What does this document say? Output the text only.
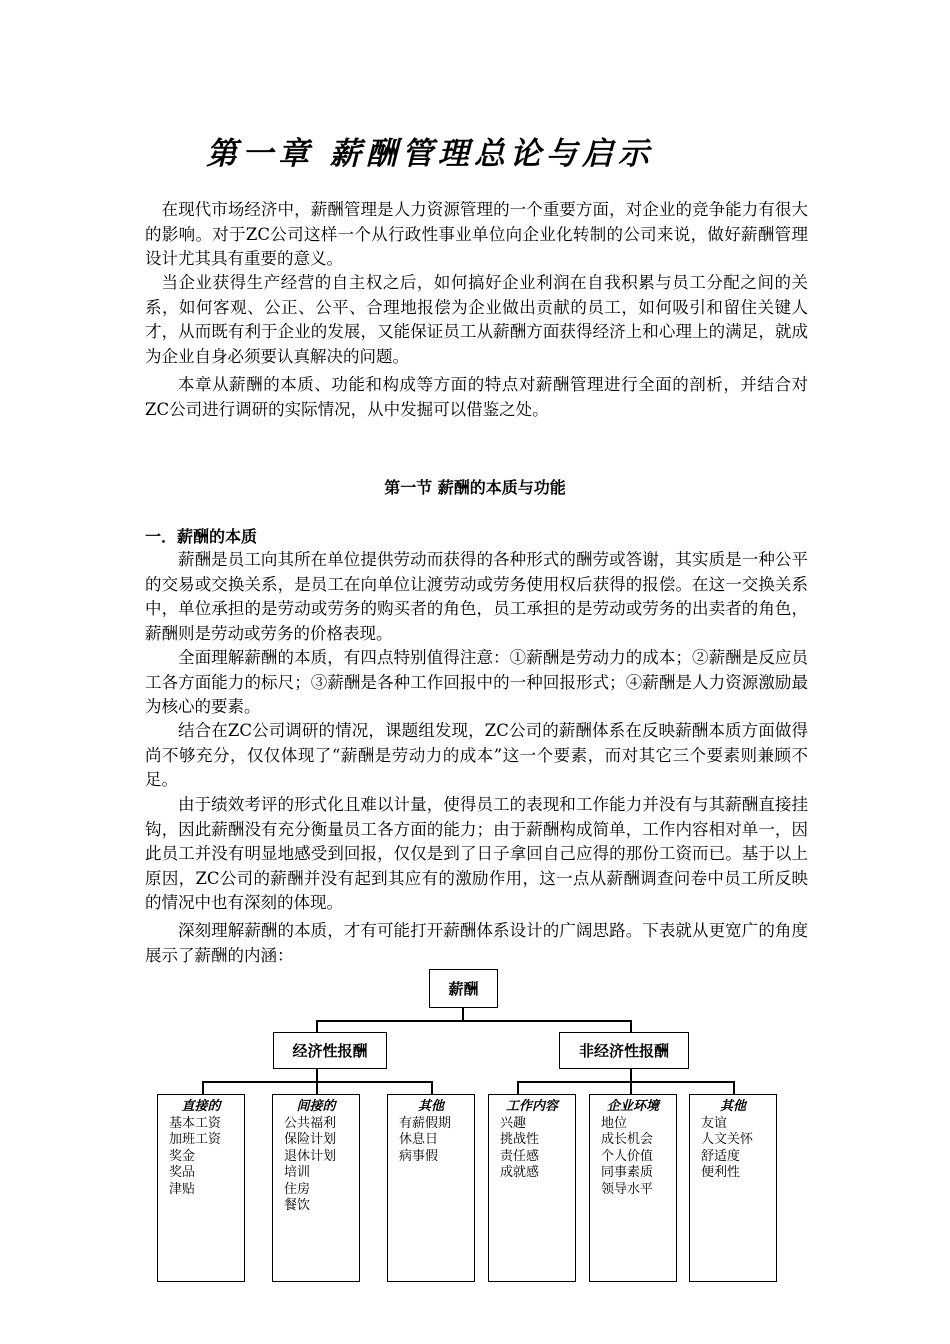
第一章 薪酬管理总论与启示

在现代市场经济中，薪酬管理是人力资源管理的一个重要方面，对企业的竞争能力有很大的影响。对于ZC公司这样一个从行政性事业单位向企业化转制的公司来说，做好薪酬管理设计尤其具有重要的意义。

当企业获得生产经营的自主权之后，如何搞好企业利润在自我积累与员工分配之间的关系，如何客观、公正、公平、合理地报偿为企业做出贡献的员工，如何吸引和留住关键人才，从而既有利于企业的发展，又能保证员工从薪酬方面获得经济上和心理上的满足，就成为企业自身必须要认真解决的问题。

本章从薪酬的本质、功能和构成等方面的特点对薪酬管理进行全面的剖析，并结合对ZC公司进行调研的实际情况，从中发掘可以借鉴之处。

第一节 薪酬的本质与功能
一．薪酬的本质

薪酬是员工向其所在单位提供劳动而获得的各种形式的酬劳或答谢，其实质是一种公平的交易或交换关系，是员工在向单位让渡劳动或劳务使用权后获得的报偿。在这一交换关系中，单位承担的是劳动或劳务的购买者的角色，员工承担的是劳动或劳务的出卖者的角色，薪酬则是劳动或劳务的价格表现。

全面理解薪酬的本质，有四点特别值得注意：①薪酬是劳动力的成本；②薪酬是反应员工各方面能力的标尺；③薪酬是各种工作回报中的一种回报形式；④薪酬是人力资源激励最为核心的要素。

结合在ZC公司调研的情况，课题组发现，ZC公司的薪酬体系在反映薪酬本质方面做得尚不够充分，仅仅体现了“薪酬是劳动力的成本”这一个要素，而对其它三个要素则兼顾不足。

由于绩效考评的形式化且难以计量，使得员工的表现和工作能力并没有与其薪酬直接挂钩，因此薪酬没有充分衡量员工各方面的能力；由于薪酬构成简单，工作内容相对单一，因此员工并没有明显地感受到回报，仅仅是到了日子拿回自己应得的那份工资而已。基于以上原因，ZC公司的薪酬并没有起到其应有的激励作用，这一点从薪酬调查问卷中员工所反映的情况中也有深刻的体现。

深刻理解薪酬的本质，才有可能打开薪酬体系设计的广阔思路。下表就从更宽广的角度展示了薪酬的内涵：

薪酬
经济性报酬	非经济性报酬
直接的
基本工资
加班工资
奖金
奖品
津贴
间接的
公共福利
保险计划
退休计划
培训
住房
餐饮
其他
有薪假期
休息日
病事假
工作内容
兴趣
挑战性
责任感
成就感
企业环境
地位
成长机会
个人价值
同事素质
领导水平
其他
友谊
人文关怀
舒适度
便利性
